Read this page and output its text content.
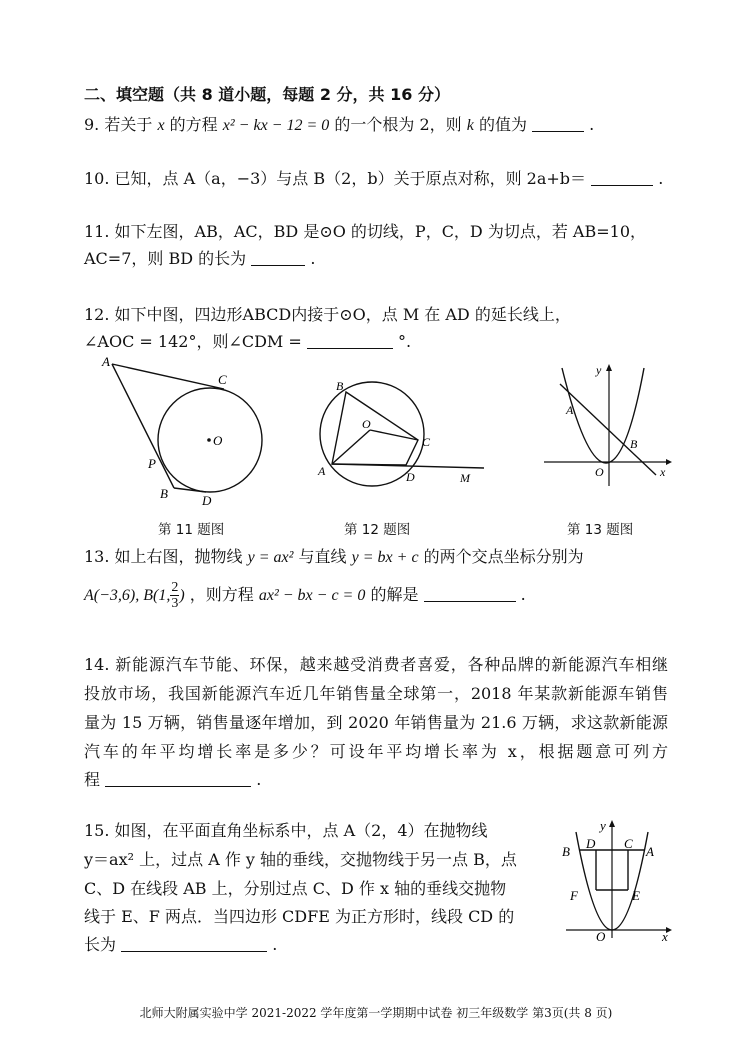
二、填空题（共 8 道小题，每题 2 分，共 16 分）
9. 若关于 x 的方程 x² − kx − 12 = 0 的一个根为 2，则 k 的值为	.
10. 已知，点 A（a，−3）与点 B（2，b）关于原点对称，则 2a+b＝	.
11. 如下左图，AB，AC，BD 是⊙O 的切线，P，C，D 为切点，若 AB=10，
AC=7，则 BD 的长为	.
12. 如下中图，四边形ABCD内接于⊙O，点 M 在 AD 的延长线上，
∠AOC = 142°，则∠CDM =	°.
A
C
O
P
B	D
B
O
C
A	D	M
y
A
B
O	x
第 11 题图	第 12 题图	第 13 题图
13. 如上右图，抛物线 y = ax² 与直线 y = bx + c 的两个交点坐标分别为
A(−3,6), B(1, $\frac{2}{3}$ ) ，则方程 ax² − bx − c = 0 的解是	.
14. 新能源汽车节能、环保，越来越受消费者喜爱，各种品牌的新能源汽车相继
投放市场，我国新能源汽车近几年销售量全球第一，2018 年某款新能源车销售
量为 15 万辆，销售量逐年增加，到 2020 年销售量为 21.6 万辆，求这款新能源
汽车的年平均增长率是多少？可设年平均增长率为 x，根据题意可列方
程	.
15. 如图，在平面直角坐标系中，点 A（2，4）在抛物线
y＝ax² 上，过点 A 作 y 轴的垂线，交抛物线于另一点 B，点
C、D 在线段 AB 上，分别过点 C、D 作 x 轴的垂线交抛物
线于 E、F 两点．当四边形 CDFE 为正方形时，线段 CD 的
长为	.
y
D C
B	A
F	E
O	x
北师大附属实验中学 2021-2022 学年度第一学期期中试卷 初三年级数学 第3页(共 8 页)
